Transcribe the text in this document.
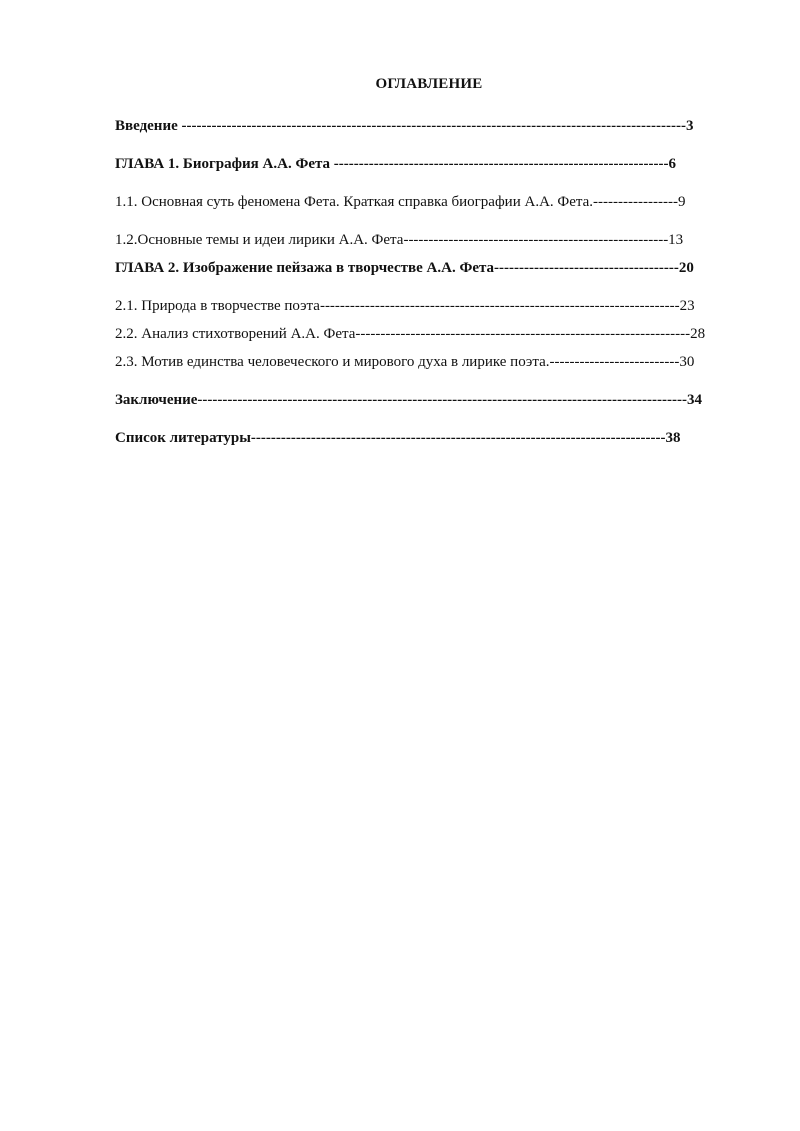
ОГЛАВЛЕНИЕ
Введение -----------------------------------------------------------------------------------------------------3
ГЛАВА 1. Биография А.А. Фета -------------------------------------------------------------------6
1.1. Основная суть феномена Фета. Краткая справка биографии А.А. Фета.-----------------9
1.2.Основные темы и идеи лирики А.А. Фета-----------------------------------------------------13
ГЛАВА 2. Изображение пейзажа в творчестве А.А. Фета-------------------------------------20
2.1. Природа в творчестве поэта------------------------------------------------------------------------23
2.2. Анализ стихотворений А.А. Фета-------------------------------------------------------------------28
2.3. Мотив единства человеческого и мирового духа в лирике поэта.--------------------------30
Заключение--------------------------------------------------------------------------------------------------34
Список литературы-----------------------------------------------------------------------------------38
